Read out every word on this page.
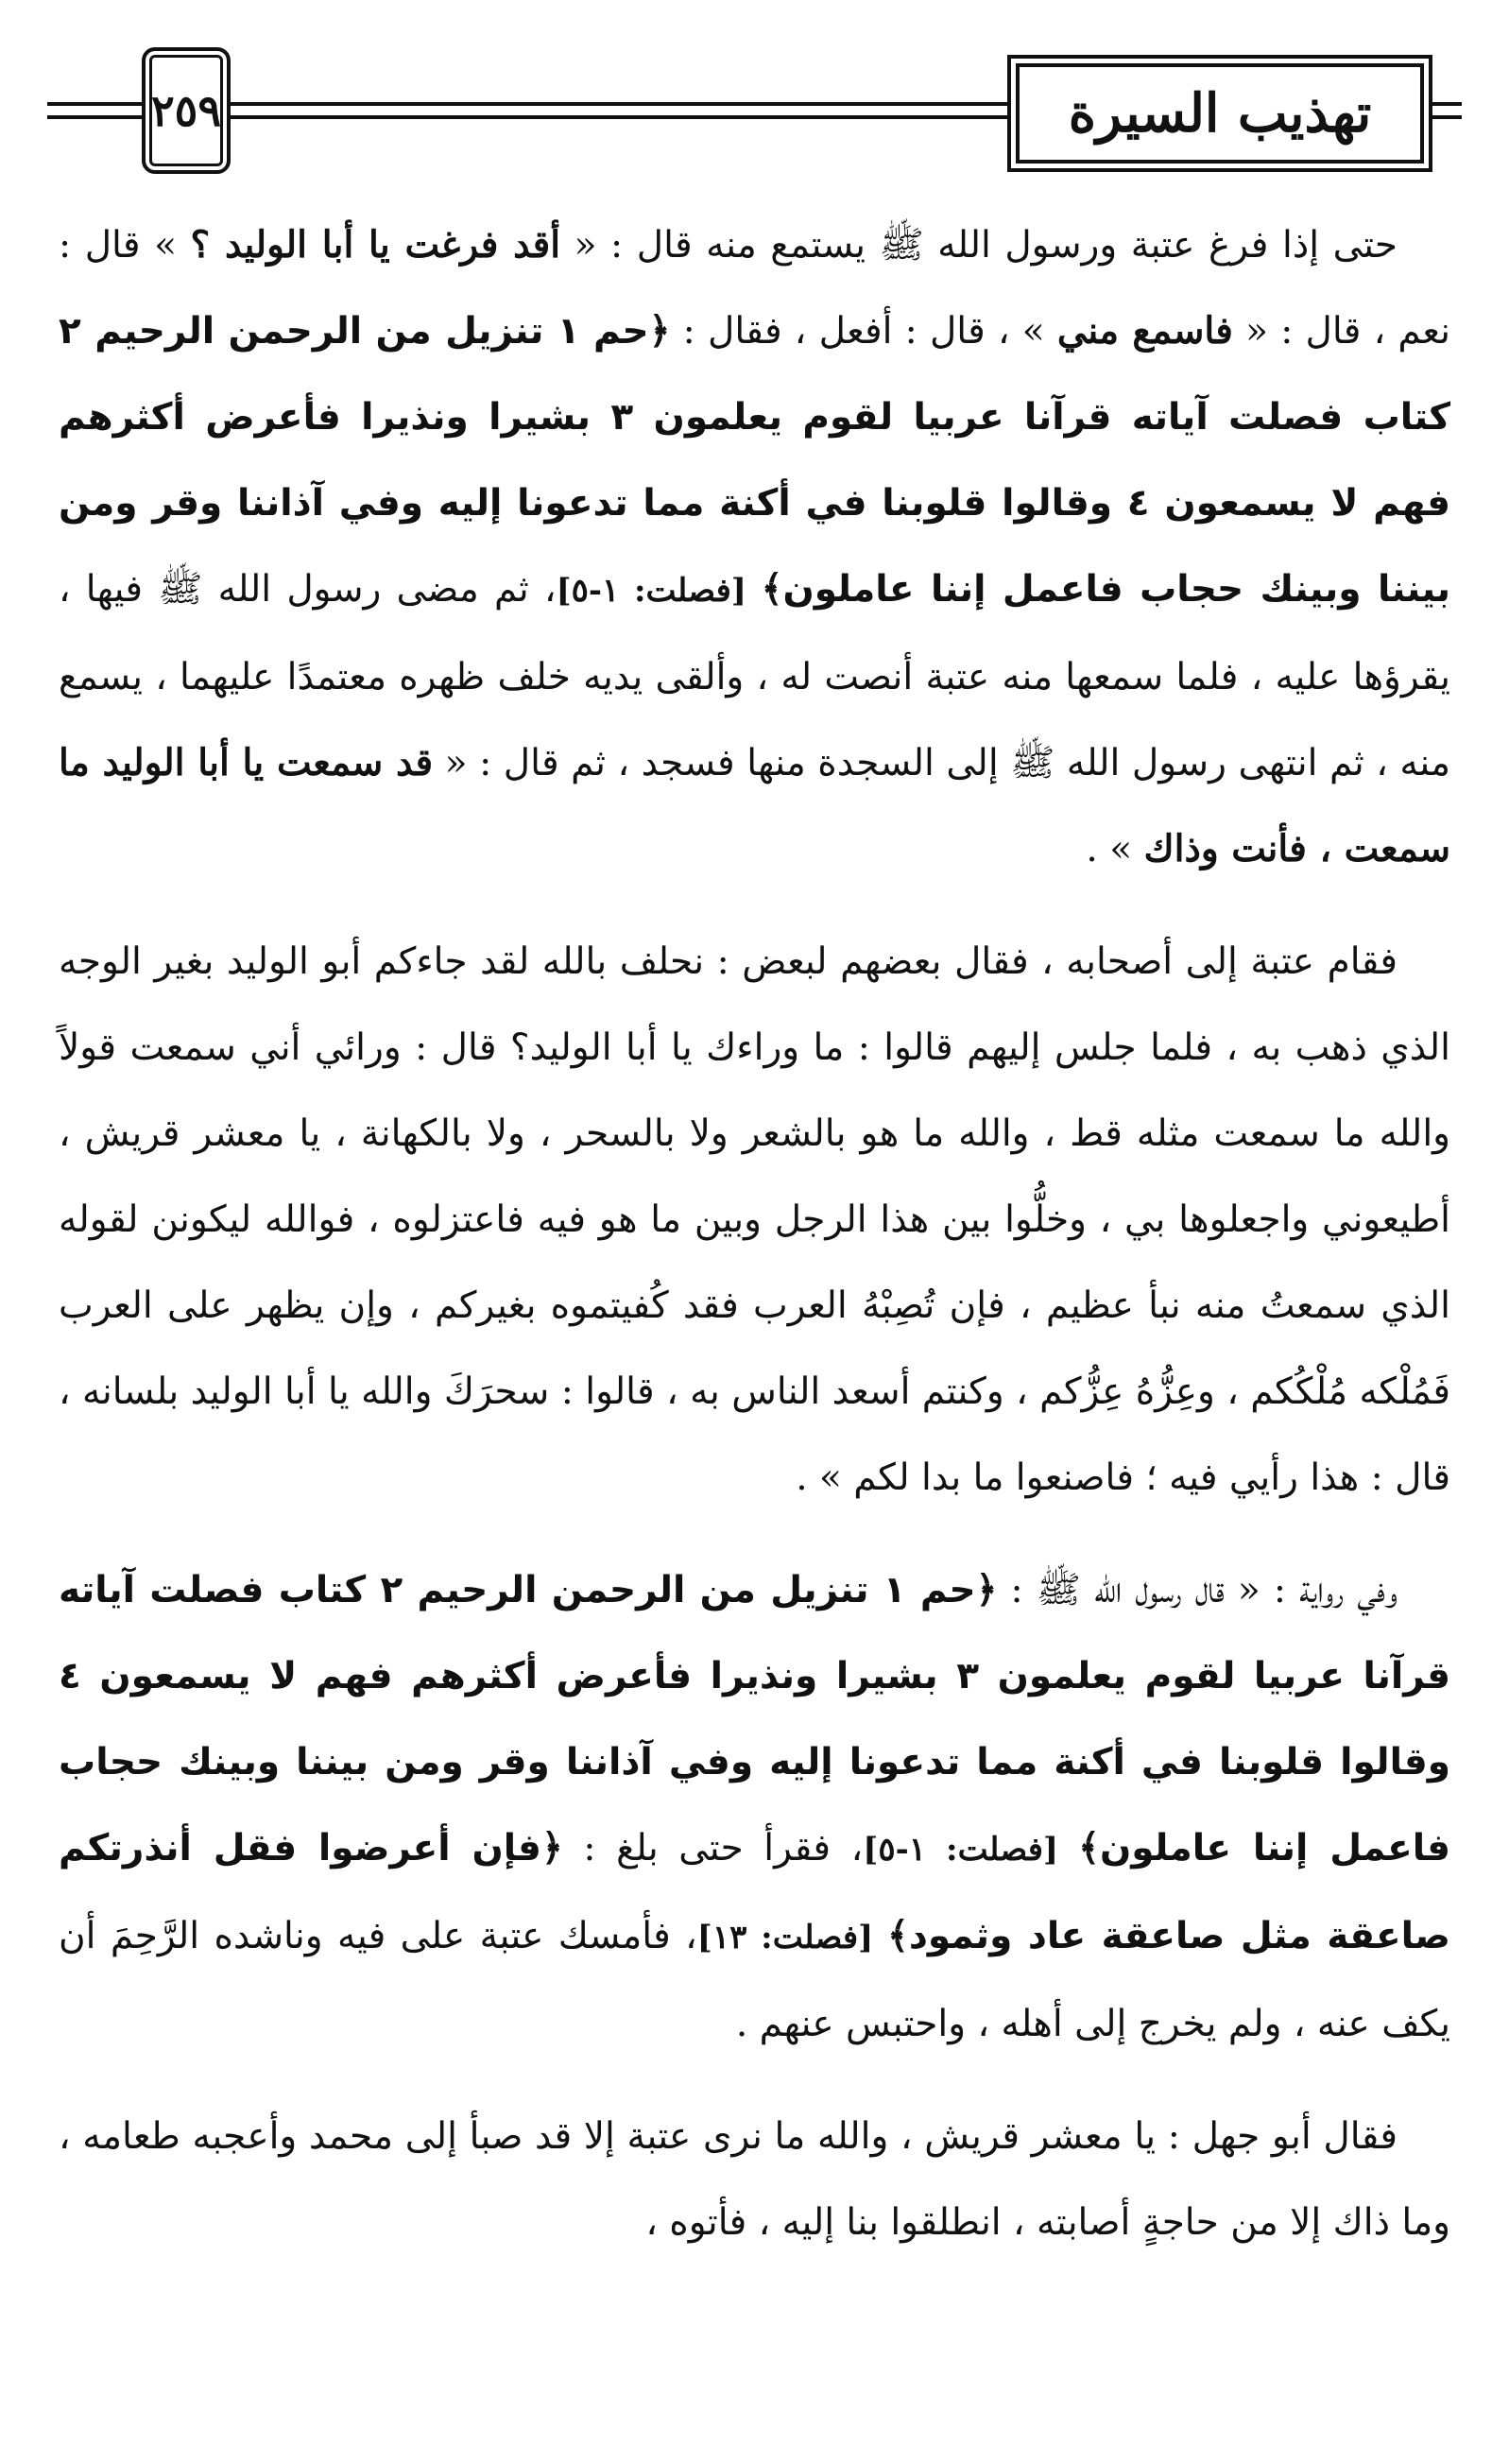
٢٥٩	تهذيب السيرة

حتى إذا فرغ عتبة ورسول الله ﷺ يستمع منه قال : « أقد فرغت يا أبا الوليد ؟ » قال : نعم ، قال : « فاسمع مني » ، قال : أفعل ، فقال : ﴿حم ١ تنزيل من الرحمن الرحيم ٢ كتاب فصلت آياته قرآنا عربيا لقوم يعلمون ٣ بشيرا ونذيرا فأعرض أكثرهم فهم لا يسمعون ٤ وقالوا قلوبنا في أكنة مما تدعونا إليه وفي آذاننا وقر ومن بيننا وبينك حجاب فاعمل إننا عاملون﴾ [فصلت: ١-٥]، ثم مضى رسول الله ﷺ فيها ، يقرؤها عليه ، فلما سمعها منه عتبة أنصت له ، وألقى يديه خلف ظهره معتمدًا عليهما ، يسمع منه ، ثم انتهى رسول الله ﷺ إلى السجدة منها فسجد ، ثم قال : « قد سمعت يا أبا الوليد ما سمعت ، فأنت وذاك » .

فقام عتبة إلى أصحابه ، فقال بعضهم لبعض : نحلف بالله لقد جاءكم أبو الوليد بغير الوجه الذي ذهب به ، فلما جلس إليهم قالوا : ما وراءك يا أبا الوليد؟ قال : ورائي أني سمعت قولاً والله ما سمعت مثله قط ، والله ما هو بالشعر ولا بالسحر ، ولا بالكهانة ، يا معشر قريش ، أطيعوني واجعلوها بي ، وخلُّوا بين هذا الرجل وبين ما هو فيه فاعتزلوه ، فوالله ليكونن لقوله الذي سمعتُ منه نبأ عظيم ، فإن تُصِبْهُ العرب فقد كُفيتموه بغيركم ، وإن يظهر على العرب فَمُلْكه مُلْكُكم ، وعِزُّهُ عِزُّكم ، وكنتم أسعد الناس به ، قالوا : سحرَكَ والله يا أبا الوليد بلسانه ، قال : هذا رأيي فيه ؛ فاصنعوا ما بدا لكم » .

وفي رواية : « قال رسول الله ﷺ : ﴿حم ١ تنزيل من الرحمن الرحيم ٢ كتاب فصلت آياته قرآنا عربيا لقوم يعلمون ٣ بشيرا ونذيرا فأعرض أكثرهم فهم لا يسمعون ٤ وقالوا قلوبنا في أكنة مما تدعونا إليه وفي آذاننا وقر ومن بيننا وبينك حجاب فاعمل إننا عاملون﴾ [فصلت: ١-٥]، فقرأ حتى بلغ : ﴿فإن أعرضوا فقل أنذرتكم صاعقة مثل صاعقة عاد وثمود﴾ [فصلت: ١٣]، فأمسك عتبة على فيه وناشده الرَّحِمَ أن يكف عنه ، ولم يخرج إلى أهله ، واحتبس عنهم .

فقال أبو جهل : يا معشر قريش ، والله ما نرى عتبة إلا قد صبأ إلى محمد وأعجبه طعامه ، وما ذاك إلا من حاجةٍ أصابته ، انطلقوا بنا إليه ، فأتوه ،
